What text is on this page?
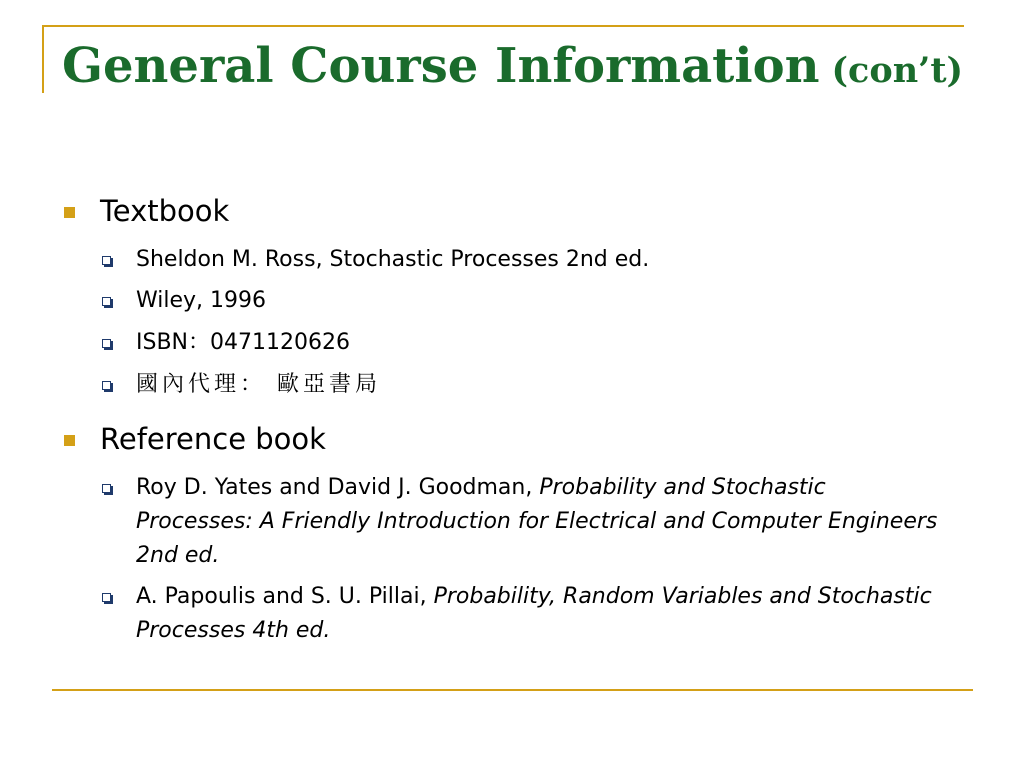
General Course Information (con’t)
Textbook
Sheldon M. Ross, Stochastic Processes 2nd ed.
Wiley, 1996
ISBN：0471120626
國內代理： 歐亞書局
Reference book
Roy D. Yates and David J. Goodman, Probability and Stochastic Processes: A Friendly Introduction for Electrical and Computer Engineers 2nd ed.
A. Papoulis and S. U. Pillai, Probability, Random Variables and Stochastic Processes 4th ed.
